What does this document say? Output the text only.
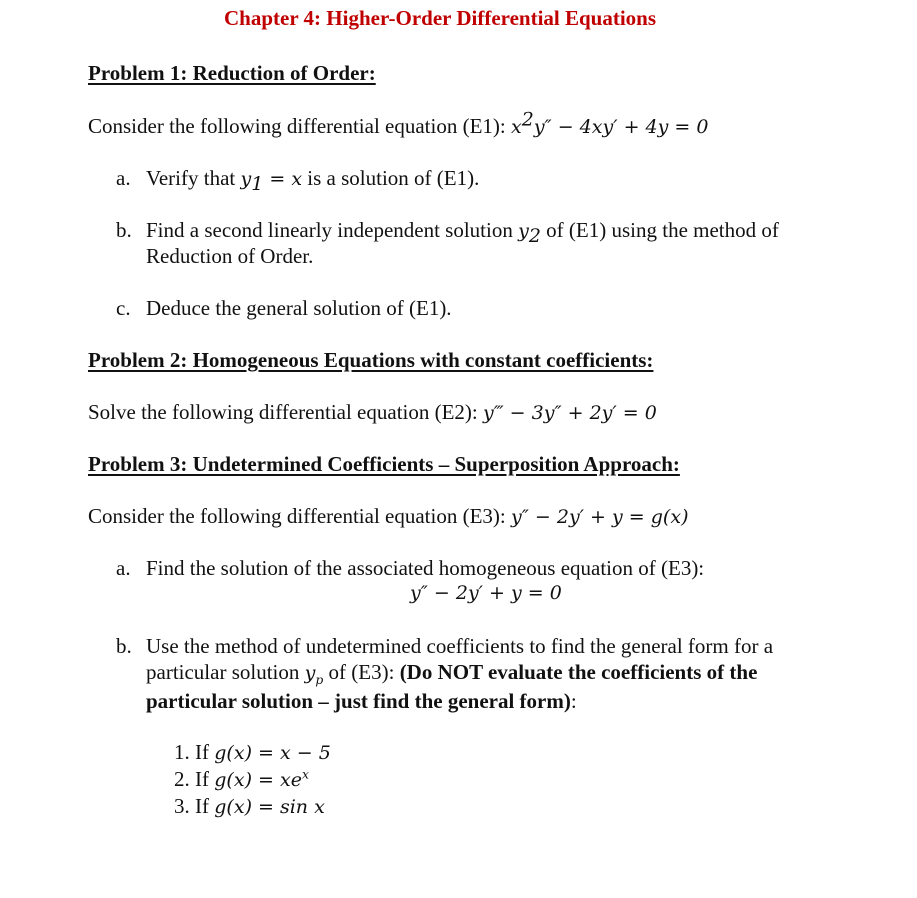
Chapter 4: Higher-Order Differential Equations
Problem 1: Reduction of Order:
Consider the following differential equation (E1): $x^2y'' - 4xy' + 4y = 0$
a. Verify that $y_1 = x$ is a solution of (E1).
b. Find a second linearly independent solution $y_2$ of (E1) using the method of
Reduction of Order.
c. Deduce the general solution of (E1).
Problem 2: Homogeneous Equations with constant coefficients:
Solve the following differential equation (E2): y‴ − 3y″ + 2y′ = 0
Problem 3: Undetermined Coefficients – Superposition Approach:
Consider the following differential equation (E3): y″ − 2y′ + y = g(x)
a. Find the solution of the associated homogeneous equation of (E3):
y″ − 2y′ + y = 0
b. Use the method of undetermined coefficients to find the general form for a
particular solution $y_p$ of (E3): (Do NOT evaluate the coefficients of the
particular solution – just find the general form):
1. If g(x) = x − 5
2. If $g(x) = xe^x$
3. If g(x) = sin x
